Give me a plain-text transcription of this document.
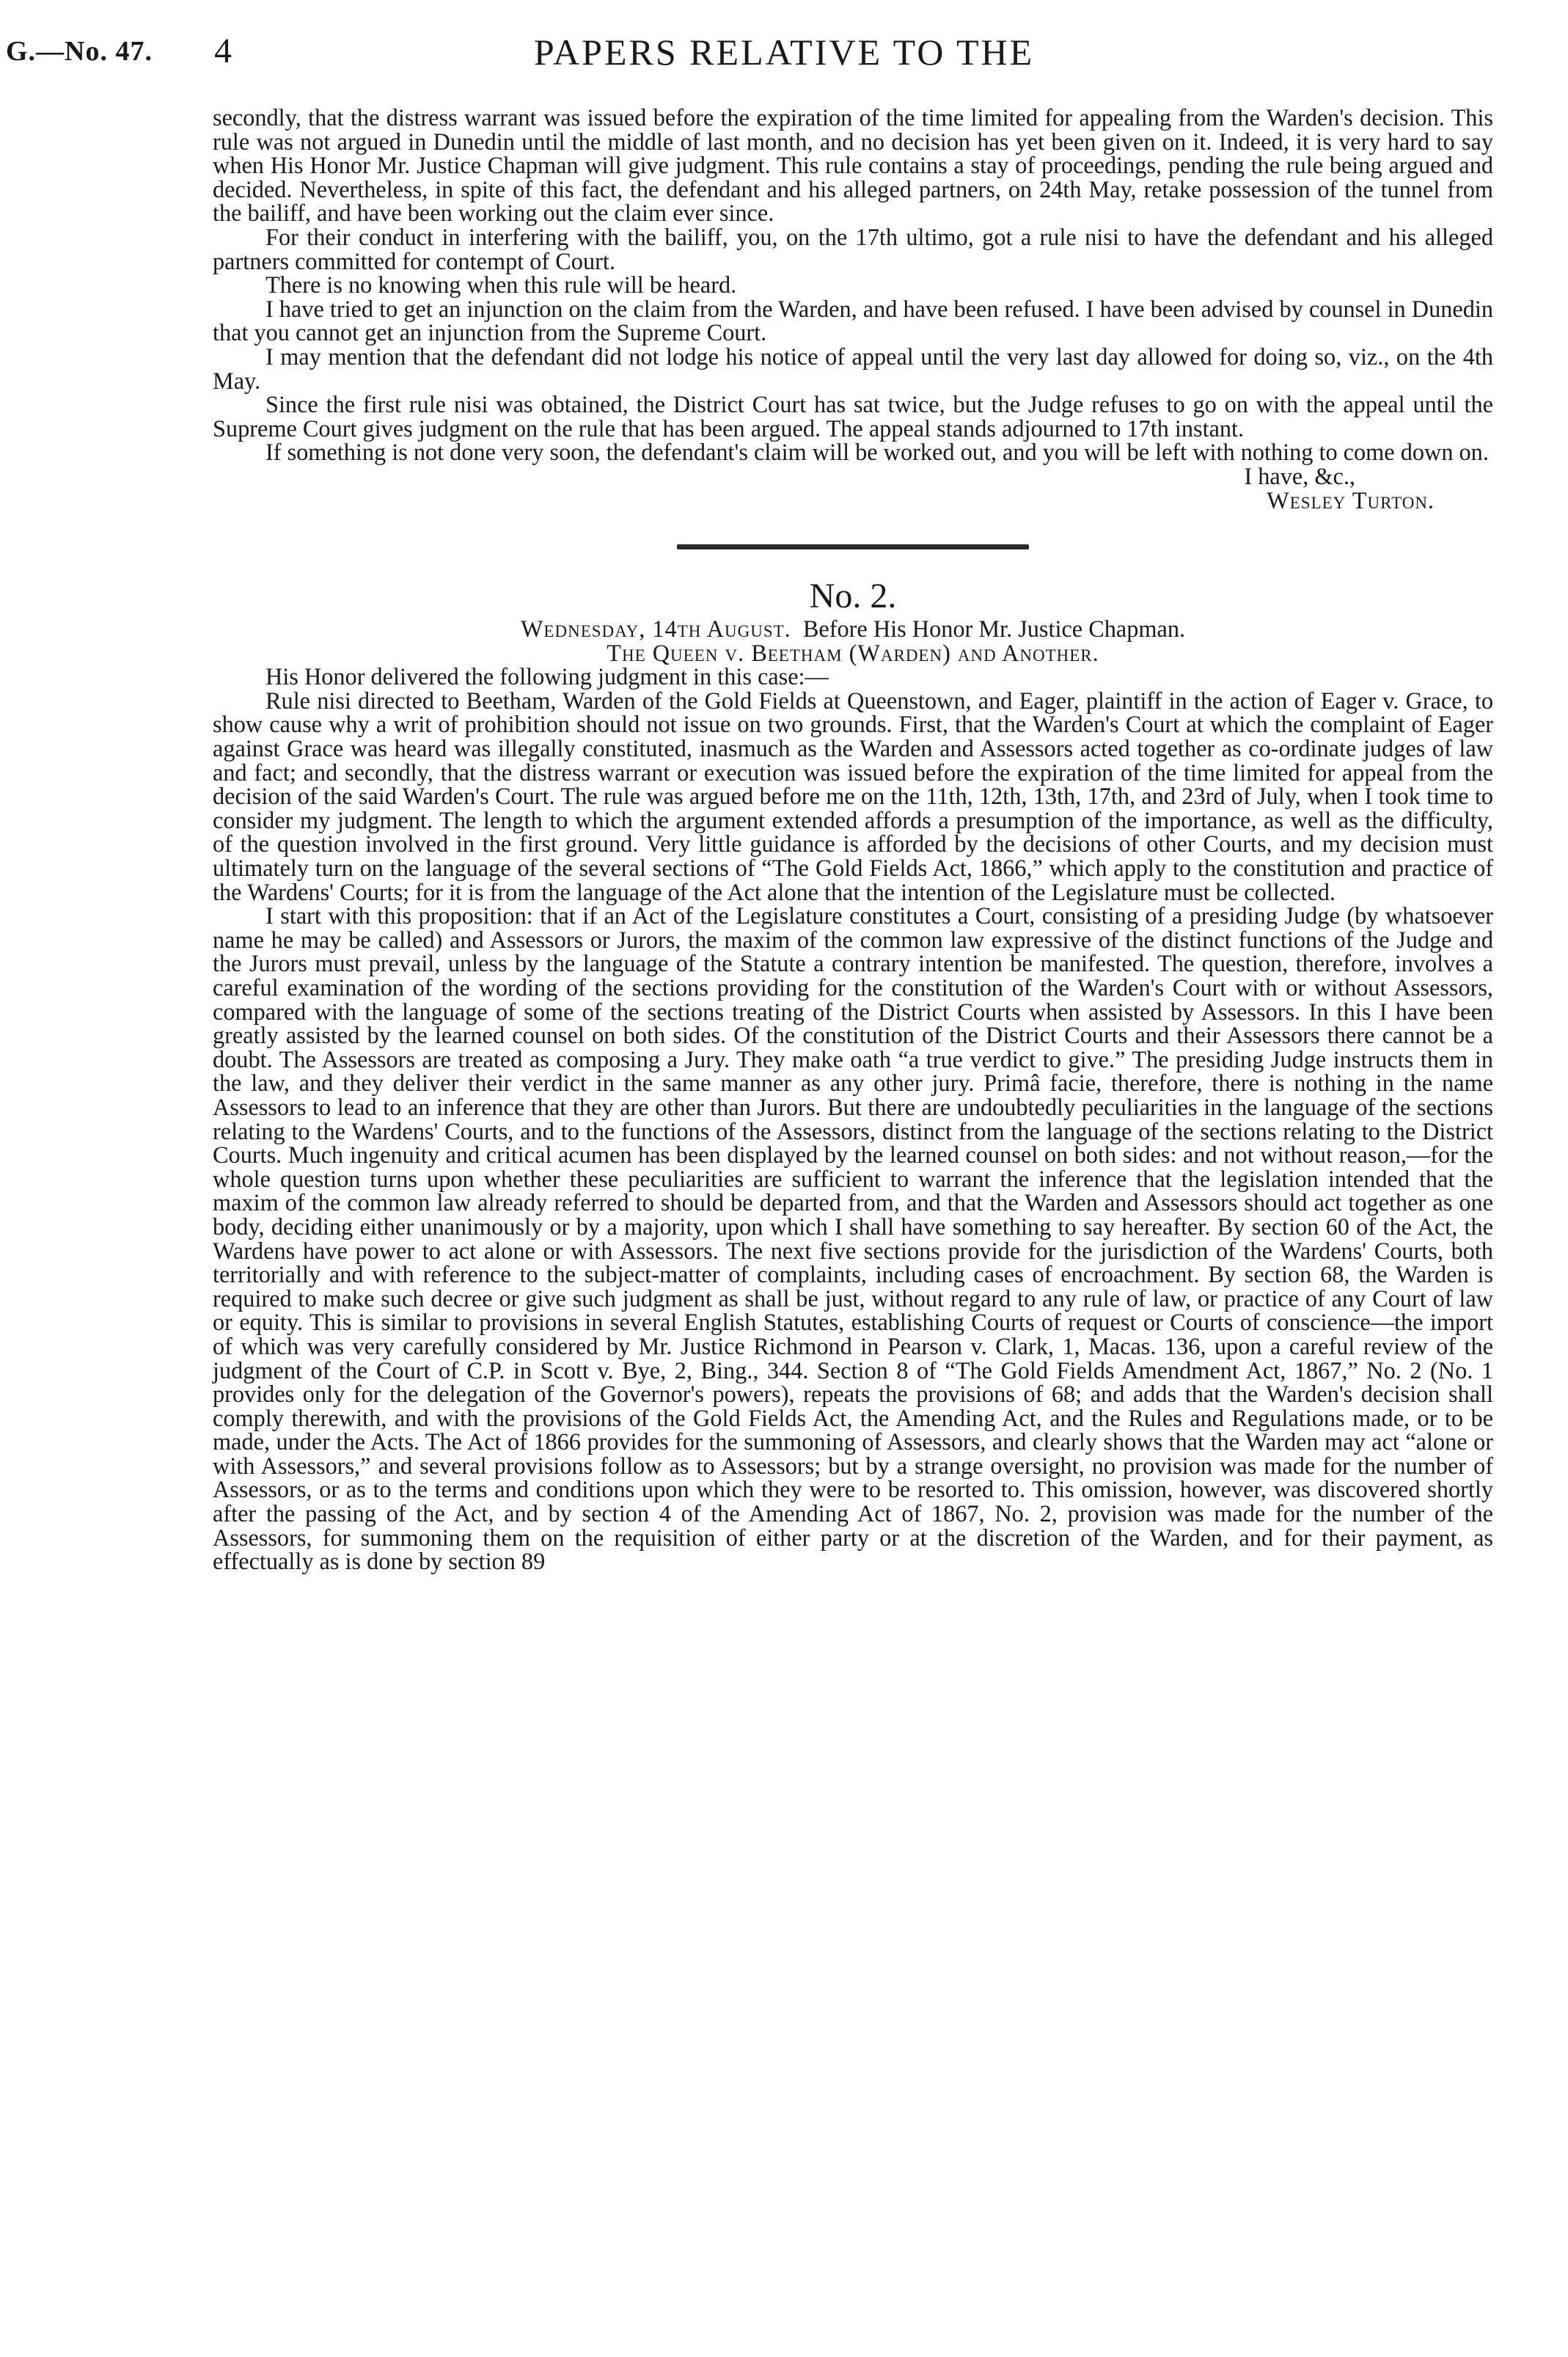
G.—No. 47. 4	PAPERS RELATIVE TO THE

secondly, that the distress warrant was issued before the expiration of the time limited for appealing from the Warden's decision. This rule was not argued in Dunedin until the middle of last month, and no decision has yet been given on it. Indeed, it is very hard to say when His Honor Mr. Justice Chapman will give judgment. This rule contains a stay of proceedings, pending the rule being argued and decided. Nevertheless, in spite of this fact, the defendant and his alleged partners, on 24th May, retake possession of the tunnel from the bailiff, and have been working out the claim ever since.

For their conduct in interfering with the bailiff, you, on the 17th ultimo, got a rule nisi to have the defendant and his alleged partners committed for contempt of Court.

There is no knowing when this rule will be heard.

I have tried to get an injunction on the claim from the Warden, and have been refused. I have been advised by counsel in Dunedin that you cannot get an injunction from the Supreme Court.

I may mention that the defendant did not lodge his notice of appeal until the very last day allowed for doing so, viz., on the 4th May.

Since the first rule nisi was obtained, the District Court has sat twice, but the Judge refuses to go on with the appeal until the Supreme Court gives judgment on the rule that has been argued. The appeal stands adjourned to 17th instant.

If something is not done very soon, the defendant's claim will be worked out, and you will be left with nothing to come down on.

I have, &c.,

Wesley Turton.

No. 2.

Wednesday, 14th August. Before His Honor Mr. Justice Chapman.

The Queen v. Beetham (Warden) and Another.

His Honor delivered the following judgment in this case:—

Rule nisi directed to Beetham, Warden of the Gold Fields at Queenstown, and Eager, plaintiff in the action of Eager v. Grace, to show cause why a writ of prohibition should not issue on two grounds. First, that the Warden's Court at which the complaint of Eager against Grace was heard was illegally constituted, inasmuch as the Warden and Assessors acted together as co-ordinate judges of law and fact; and secondly, that the distress warrant or execution was issued before the expiration of the time limited for appeal from the decision of the said Warden's Court. The rule was argued before me on the 11th, 12th, 13th, 17th, and 23rd of July, when I took time to consider my judgment. The length to which the argument extended affords a presumption of the importance, as well as the difficulty, of the question involved in the first ground. Very little guidance is afforded by the decisions of other Courts, and my decision must ultimately turn on the language of the several sections of “The Gold Fields Act, 1866,” which apply to the constitution and practice of the Wardens' Courts; for it is from the language of the Act alone that the intention of the Legislature must be collected.

I start with this proposition: that if an Act of the Legislature constitutes a Court, consisting of a presiding Judge (by whatsoever name he may be called) and Assessors or Jurors, the maxim of the common law expressive of the distinct functions of the Judge and the Jurors must prevail, unless by the language of the Statute a contrary intention be manifested. The question, therefore, involves a careful examination of the wording of the sections providing for the constitution of the Warden's Court with or without Assessors, compared with the language of some of the sections treating of the District Courts when assisted by Assessors. In this I have been greatly assisted by the learned counsel on both sides. Of the constitution of the District Courts and their Assessors there cannot be a doubt. The Assessors are treated as composing a Jury. They make oath “a true verdict to give.” The presiding Judge instructs them in the law, and they deliver their verdict in the same manner as any other jury. Primâ facie, therefore, there is nothing in the name Assessors to lead to an inference that they are other than Jurors. But there are undoubtedly peculiarities in the language of the sections relating to the Wardens' Courts, and to the functions of the Assessors, distinct from the language of the sections relating to the District Courts. Much ingenuity and critical acumen has been displayed by the learned counsel on both sides: and not without reason,—for the whole question turns upon whether these peculiarities are sufficient to warrant the inference that the legislation intended that the maxim of the common law already referred to should be departed from, and that the Warden and Assessors should act together as one body, deciding either unanimously or by a majority, upon which I shall have something to say hereafter. By section 60 of the Act, the Wardens have power to act alone or with Assessors. The next five sections provide for the jurisdiction of the Wardens' Courts, both territorially and with reference to the subject-matter of complaints, including cases of encroachment. By section 68, the Warden is required to make such decree or give such judgment as shall be just, without regard to any rule of law, or practice of any Court of law or equity. This is similar to provisions in several English Statutes, establishing Courts of request or Courts of conscience—the import of which was very carefully considered by Mr. Justice Richmond in Pearson v. Clark, 1, Macas. 136, upon a careful review of the judgment of the Court of C.P. in Scott v. Bye, 2, Bing., 344. Section 8 of “The Gold Fields Amendment Act, 1867,” No. 2 (No. 1 provides only for the delegation of the Governor's powers), repeats the provisions of 68; and adds that the Warden's decision shall comply therewith, and with the provisions of the Gold Fields Act, the Amending Act, and the Rules and Regulations made, or to be made, under the Acts. The Act of 1866 provides for the summoning of Assessors, and clearly shows that the Warden may act “alone or with Assessors,” and several provisions follow as to Assessors; but by a strange oversight, no provision was made for the number of Assessors, or as to the terms and conditions upon which they were to be resorted to. This omission, however, was discovered shortly after the passing of the Act, and by section 4 of the Amending Act of 1867, No. 2, provision was made for the number of the Assessors, for summoning them on the requisition of either party or at the discretion of the Warden, and for their payment, as effectually as is done by section 89
